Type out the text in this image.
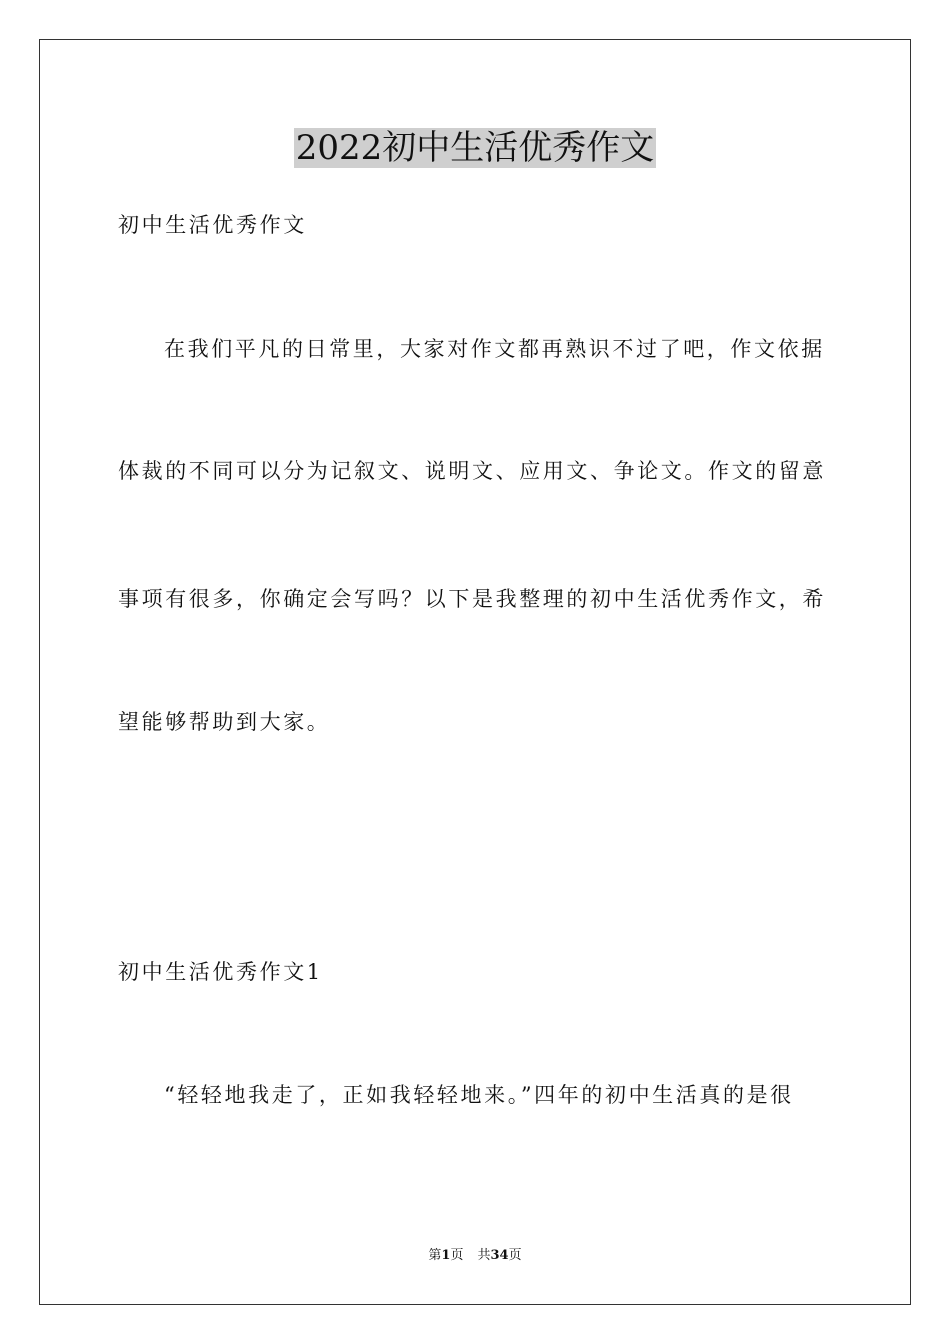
2022初中生活优秀作文
初中生活优秀作文
在我们平凡的日常里，大家对作文都再熟识不过了吧，作文依据
体裁的不同可以分为记叙文、说明文、应用文、争论文。作文的留意
事项有很多，你确定会写吗？以下是我整理的初中生活优秀作文，希
望能够帮助到大家。
初中生活优秀作文1
“轻轻地我走了，正如我轻轻地来。”四年的初中生活真的是很
第1页 共34页
